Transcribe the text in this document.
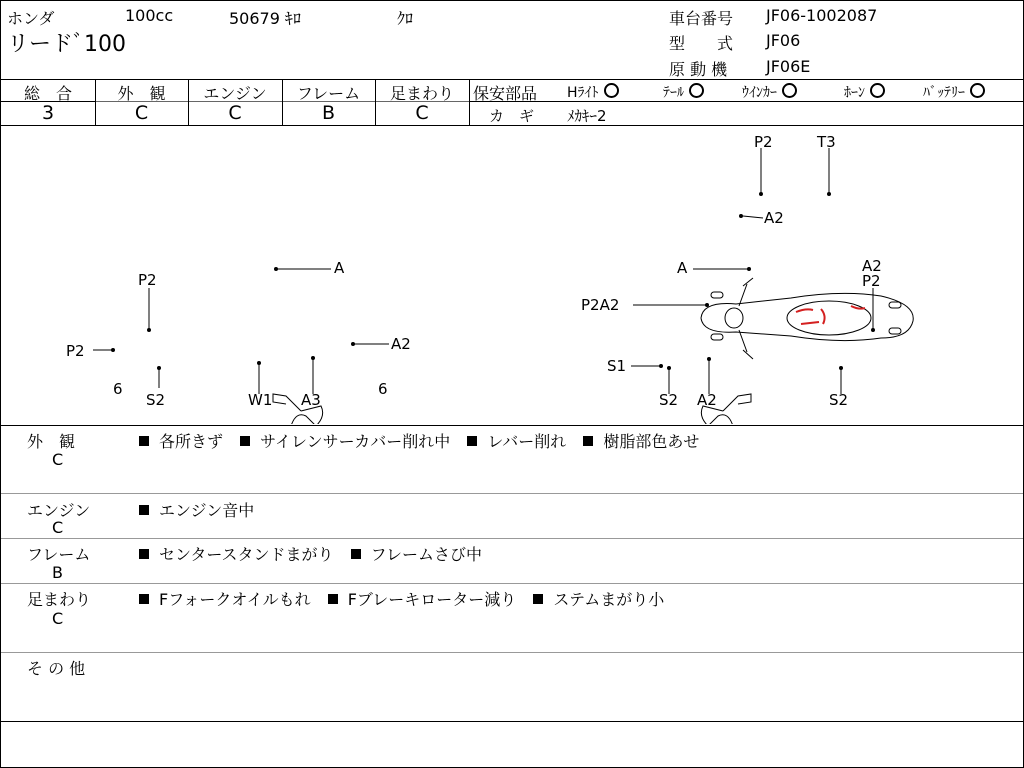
ホンダ	100cc	50679 ｷﾛ	ｸﾛ
リードﾞ100
車台番号 JF06-1002087
型　　式 JF06
原 動 機 JF06E
総　合
3
外　観
C
エンジン
C
フレーム
B
足まわり
C
保安部品 Hﾗｲﾄ	ﾃｰﾙ	ｳｲﾝｶｰ	ﾎｰﾝ	ﾊﾞｯﾃﾘｰ
カ　ギ ﾒｶｷｰ2
P2	T3
A2
P2
A
P2	A2
6
S2	W1 A3
6
A	A2
P2
P2A2
S1
S2 A2	S2
外　観
C
各所きず サイレンサーカバー削れ中 レバー削れ 樹脂部色あせ
エンジン
C
エンジン音中
フレーム
B
センタースタンドまがり フレームさび中
足まわり
C
Fフォークオイルもれ Fブレーキローター減り ステムまがり小
そ の 他
